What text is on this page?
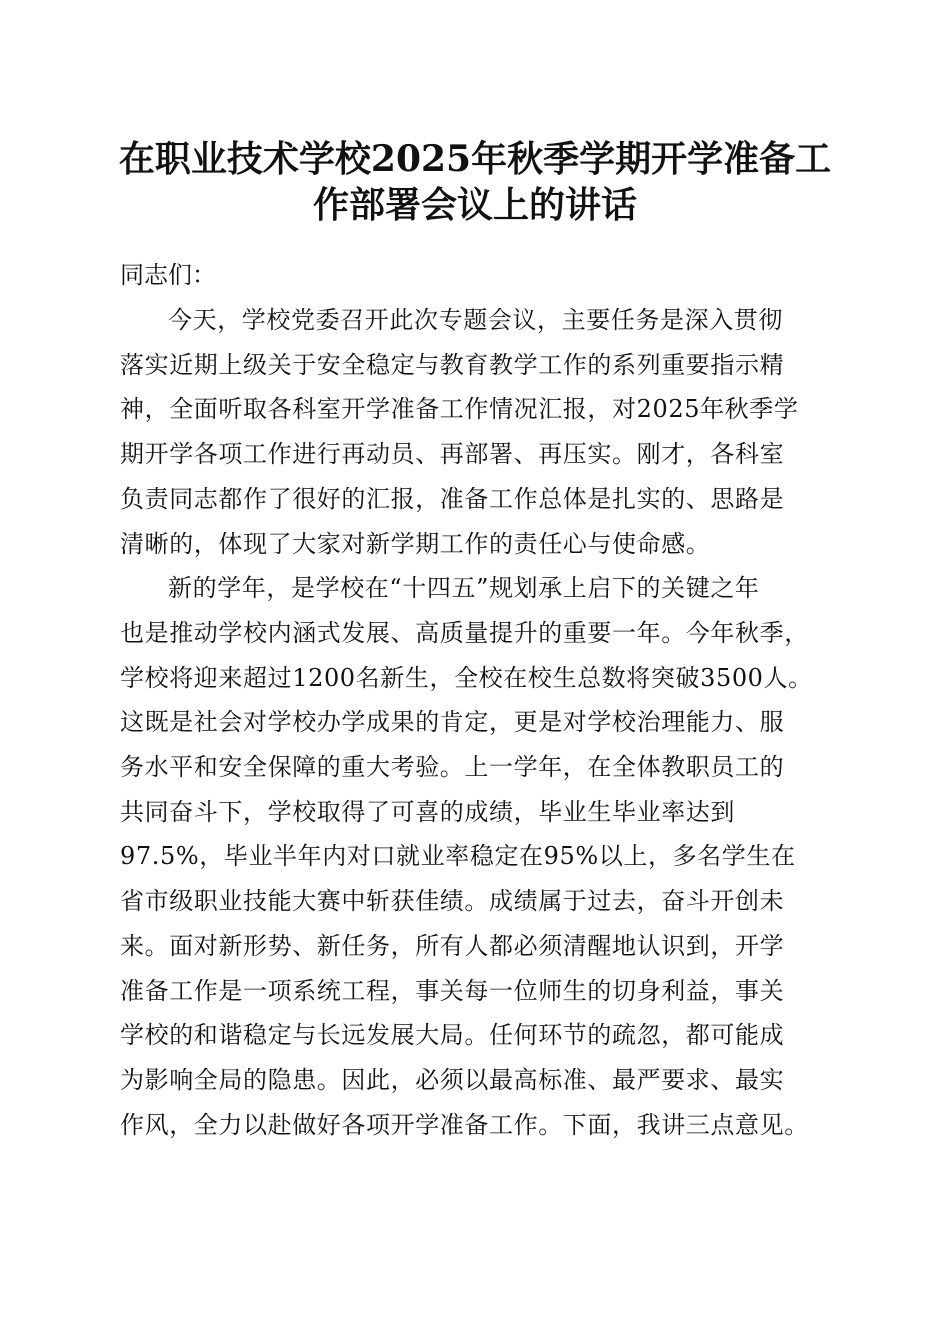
在职业技术学校2025年秋季学期开学准备工
作部署会议上的讲话

同志们：

今天，学校党委召开此次专题会议，主要任务是深入贯彻
落实近期上级关于安全稳定与教育教学工作的系列重要指示精
神，全面听取各科室开学准备工作情况汇报，对2025年秋季学
期开学各项工作进行再动员、再部署、再压实。刚才，各科室
负责同志都作了很好的汇报，准备工作总体是扎实的、思路是
清晰的，体现了大家对新学期工作的责任心与使命感。

新的学年，是学校在“十四五”规划承上启下的关键之年
也是推动学校内涵式发展、高质量提升的重要一年。今年秋季，
学校将迎来超过1200名新生，全校在校生总数将突破3500人。
这既是社会对学校办学成果的肯定，更是对学校治理能力、服
务水平和安全保障的重大考验。上一学年，在全体教职员工的
共同奋斗下，学校取得了可喜的成绩，毕业生毕业率达到
97.5%，毕业半年内对口就业率稳定在95%以上，多名学生在
省市级职业技能大赛中斩获佳绩。成绩属于过去，奋斗开创未
来。面对新形势、新任务，所有人都必须清醒地认识到，开学
准备工作是一项系统工程，事关每一位师生的切身利益，事关
学校的和谐稳定与长远发展大局。任何环节的疏忽，都可能成
为影响全局的隐患。因此，必须以最高标准、最严要求、最实
作风，全力以赴做好各项开学准备工作。下面，我讲三点意见。
